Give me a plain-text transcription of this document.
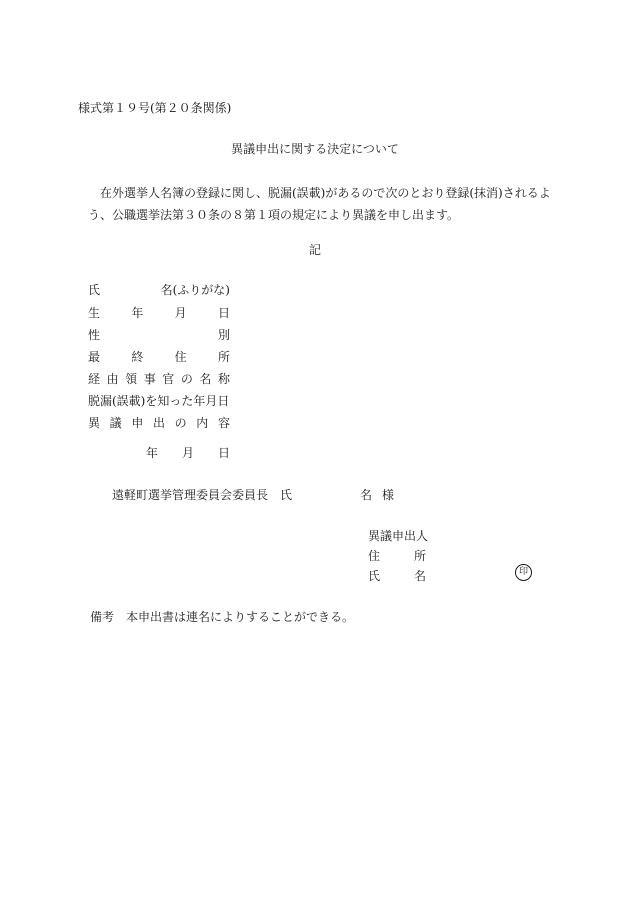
様式第１９号(第２０条関係)
異議申出に関する決定について

在外選挙人名簿の登録に関し、脱漏(誤載)があるので次のとおり登録(抹消)されるよ

う、公職選挙法第３０条の８第１項の規定により異議を申し出ます。

記
氏	名(ふりがな)
生	年	月	日
性	別
最	終	住	所
経 由 領 事 官 の 名 称
脱漏(誤載)を知った年月日
異 議 申 出 の 内 容
年 月 日
遠軽町選挙管理委員会委員長　氏	名 様
異議申出人
住	所
氏	名	印
備考 本申出書は連名によりすることができる。
